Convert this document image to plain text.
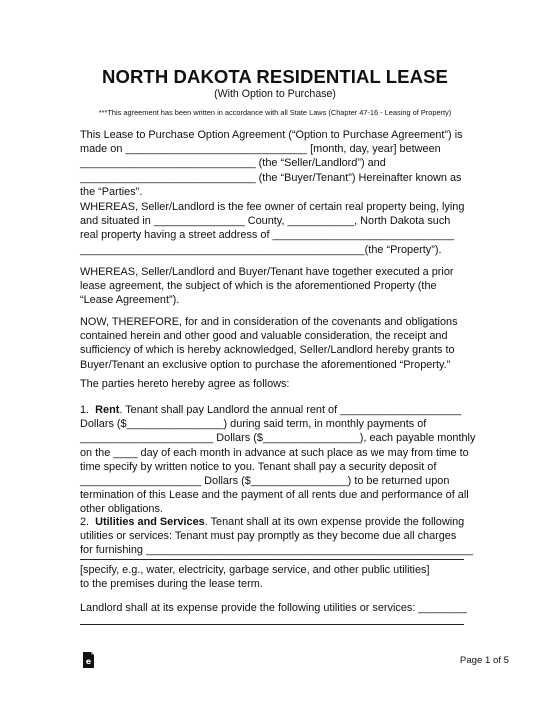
NORTH DAKOTA RESIDENTIAL LEASE
(With Option to Purchase)
***This agreement has been written in accordance with all State Laws (Chapter 47-16 - Leasing of Property)
This Lease to Purchase Option Agreement (“Option to Purchase Agreement”) is
made on ______________________________ [month, day, year] between
_____________________________ (the “Seller/Landlord”) and
_____________________________ (the “Buyer/Tenant”) Hereinafter known as
the “Parties”.
WHEREAS, Seller/Landlord is the fee owner of certain real property being, lying
and situated in _______________ County, ___________, North Dakota such
real property having a street address of ______________________________
_______________________________________________(the “Property”).
WHEREAS, Seller/Landlord and Buyer/Tenant have together executed a prior
lease agreement, the subject of which is the aforementioned Property (the
“Lease Agreement”).
NOW, THEREFORE, for and in consideration of the covenants and obligations
contained herein and other good and valuable consideration, the receipt and
sufficiency of which is hereby acknowledged, Seller/Landlord hereby grants to
Buyer/Tenant an exclusive option to purchase the aforementioned “Property.”
The parties hereto hereby agree as follows:
1. Rent. Tenant shall pay Landlord the annual rent of ____________________
Dollars ($________________) during said term, in monthly payments of
______________________ Dollars ($________________), each payable monthly
on the ____ day of each month in advance at such place as we may from time to
time specify by written notice to you. Tenant shall pay a security deposit of
____________________ Dollars ($________________) to be returned upon
termination of this Lease and the payment of all rents due and performance of all
other obligations.
2. Utilities and Services. Tenant shall at its own expense provide the following
utilities or services: Tenant must pay promptly as they become due all charges
for furnishing ______________________________________________________
[specify, e.g., water, electricity, garbage service, and other public utilities]
to the premises during the lease term.
Landlord shall at its expense provide the following utilities or services: ________
e	Page 1 of 5
